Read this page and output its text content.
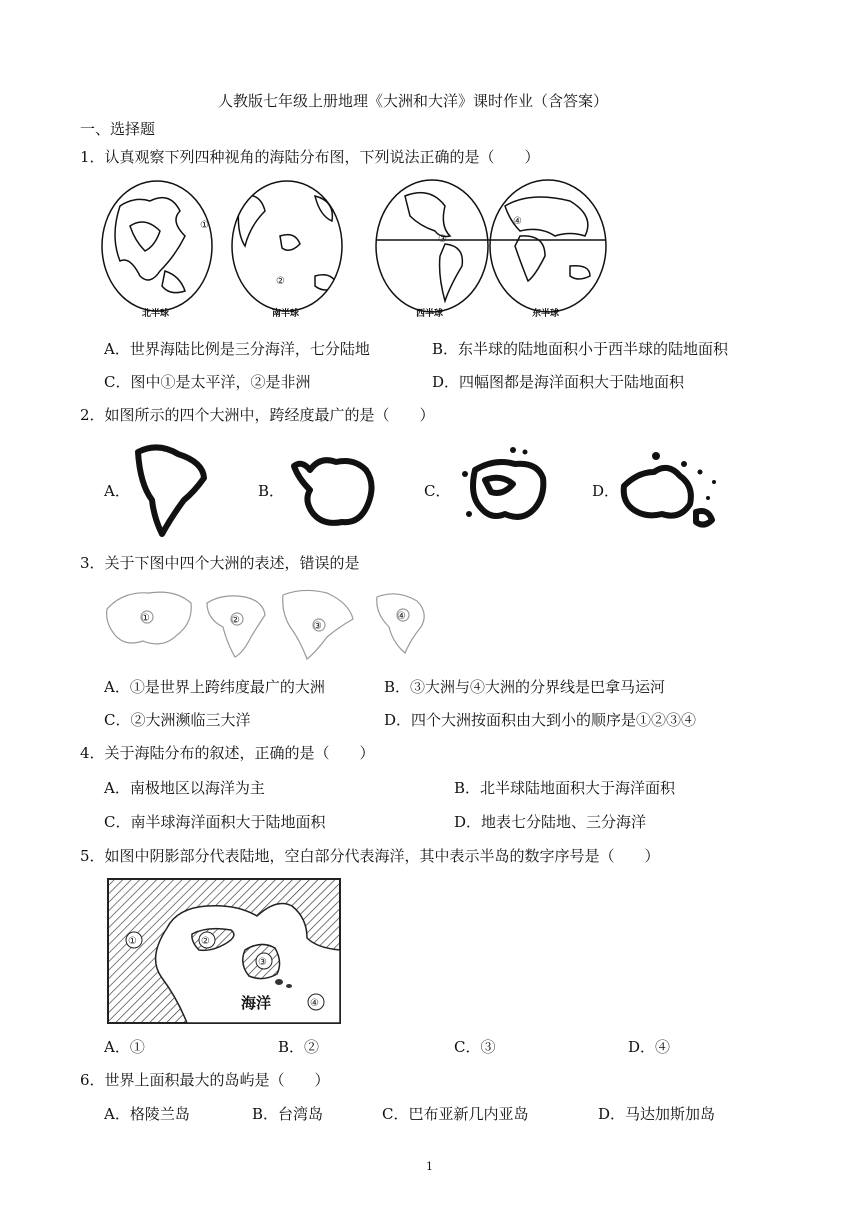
人教版七年级上册地理《大洲和大洋》课时作业（含答案）
一、选择题
1．认真观察下列四种视角的海陆分布图，下列说法正确的是（　　）
①
北半球
②
南半球
③
西半球
④
东半球
A．世界海陆比例是三分海洋，七分陆地	B．东半球的陆地面积小于西半球的陆地面积
C．图中①是太平洋，②是非洲	D．四幅图都是海洋面积大于陆地面积
2．如图所示的四个大洲中，跨经度最广的是（　　）
A．	B．	C．	D．
3．关于下图中四个大洲的表述，错误的是
①	②
③
④
A．①是世界上跨纬度最广的大洲	B．③大洲与④大洲的分界线是巴拿马运河
C．②大洲濒临三大洋	D．四个大洲按面积由大到小的顺序是①②③④
4．关于海陆分布的叙述，正确的是（　　）
A．南极地区以海洋为主	B．北半球陆地面积大于海洋面积
C．南半球海洋面积大于陆地面积	D．地表七分陆地、三分海洋
5．如图中阴影部分代表陆地，空白部分代表海洋，其中表示半岛的数字序号是（　　）
①	②
③
④
海洋
A．①	B．②	C．③	D．④
6．世界上面积最大的岛屿是（　　）
A．格陵兰岛	B．台湾岛	C．巴布亚新几内亚岛	D．马达加斯加岛
1
